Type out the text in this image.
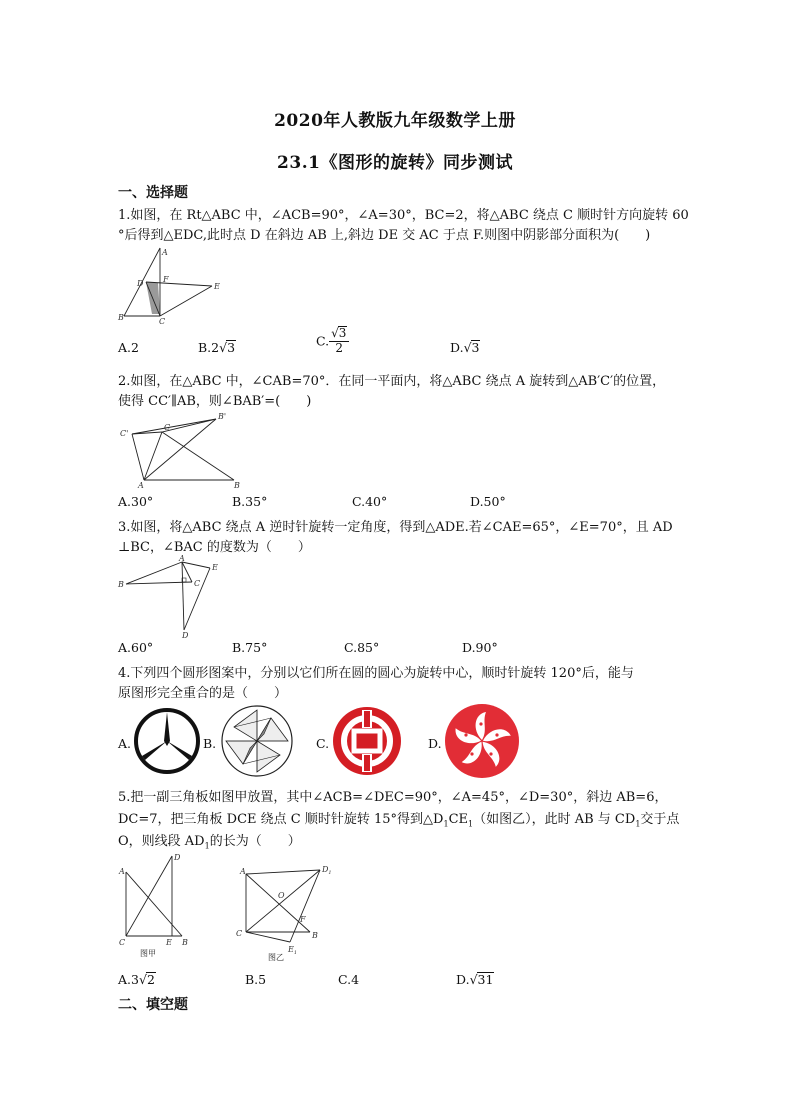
2020年人教版九年级数学上册
23.1《图形的旋转》同步测试
一、选择题
1.如图，在 Rt△ABC 中，∠ACB=90°，∠A=30°，BC=2，将△ABC 绕点 C 顺时针方向旋转 60
°后得到△EDC,此时点 D 在斜边 AB 上,斜边 DE 交 AC 于点 F.则图中阴影部分面积为(　　)
A
B	C
D	E
F
A.2	B.2√3	C. $\frac{√3}{2}$	D.√3
2.如图，在△ABC 中，∠CAB=70°．在同一平面内，将△ABC 绕点 A 旋转到△AB′C′的位置，
使得 CC′∥AB，则∠BAB′=(　　)
C'
C
B'
A	B
A.30°	B.35°	C.40°	D.50°
3.如图，将△ABC 绕点 A 逆时针旋转一定角度，得到△ADE.若∠CAE=65°，∠E=70°，且 AD
⊥BC，∠BAC 的度数为（　　）
A
B	C
D
E
A.60°	B.75°	C.85°	D.90°
4.下列四个圆形图案中，分别以它们所在圆的圆心为旋转中心，顺时针旋转 120°后，能与
原图形完全重合的是（　　）
A.	B.	C.	D.
5.把一副三角板如图甲放置，其中∠ACB=∠DEC=90°，∠A=45°，∠D=30°，斜边 AB=6，
DC=7，把三角板 DCE 绕点 C 顺时针旋转 15°得到$\triangle D_1CE_1$（如图乙），此时 AB 与 $CD_1$交于点
O，则线段 $AD_1$的长为（　　）
A
C
D
E B
图甲
A
C
$D_1$
O
F
$E_1$
B
图乙
A.3√2	B.5	C.4	D.√31
二、填空题
